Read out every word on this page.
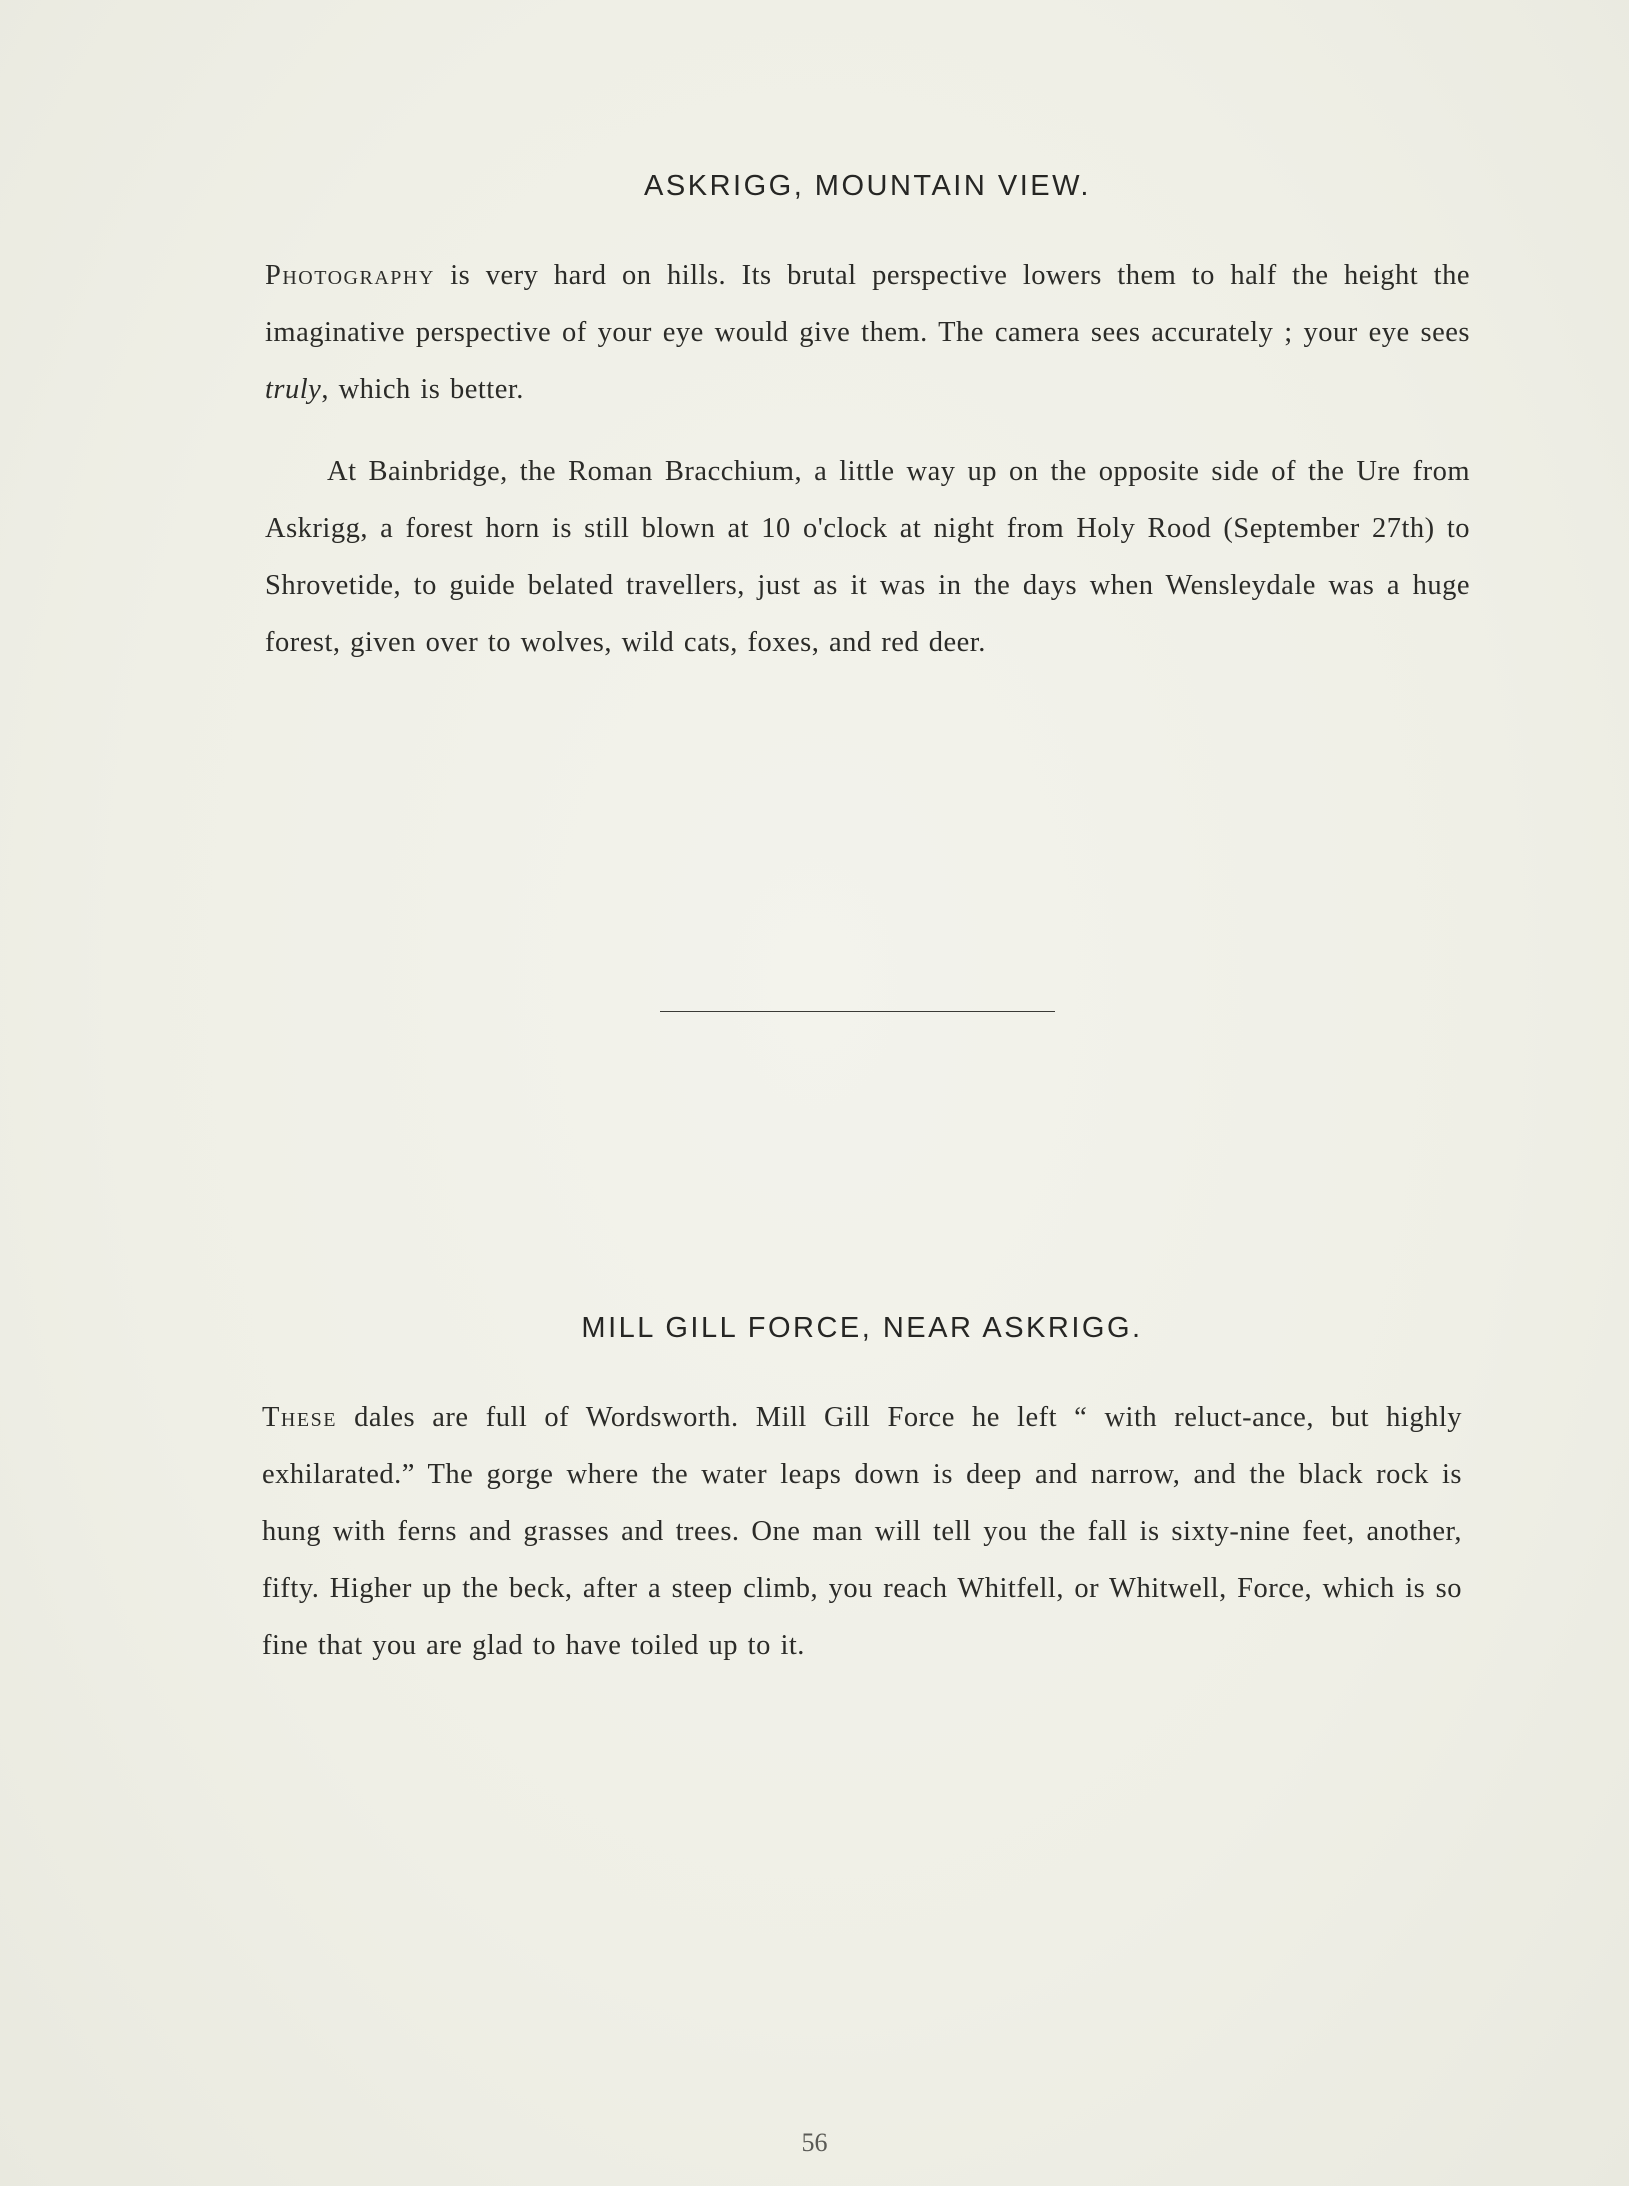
ASKRIGG, MOUNTAIN VIEW.

Photography is very hard on hills. Its brutal perspective lowers them to half the height the imaginative perspective of your eye would give them. The camera sees accurately ; your eye sees truly, which is better.

At Bainbridge, the Roman Bracchium, a little way up on the opposite side of the Ure from Askrigg, a forest horn is still blown at 10 o'clock at night from Holy Rood (September 27th) to Shrovetide, to guide belated travellers, just as it was in the days when Wensleydale was a huge forest, given over to wolves, wild cats, foxes, and red deer.

MILL GILL FORCE, NEAR ASKRIGG.

These dales are full of Wordsworth. Mill Gill Force he left “ with reluct-ance, but highly exhilarated.” The gorge where the water leaps down is deep and narrow, and the black rock is hung with ferns and grasses and trees. One man will tell you the fall is sixty-nine feet, another, fifty. Higher up the beck, after a steep climb, you reach Whitfell, or Whitwell, Force, which is so fine that you are glad to have toiled up to it.

56
